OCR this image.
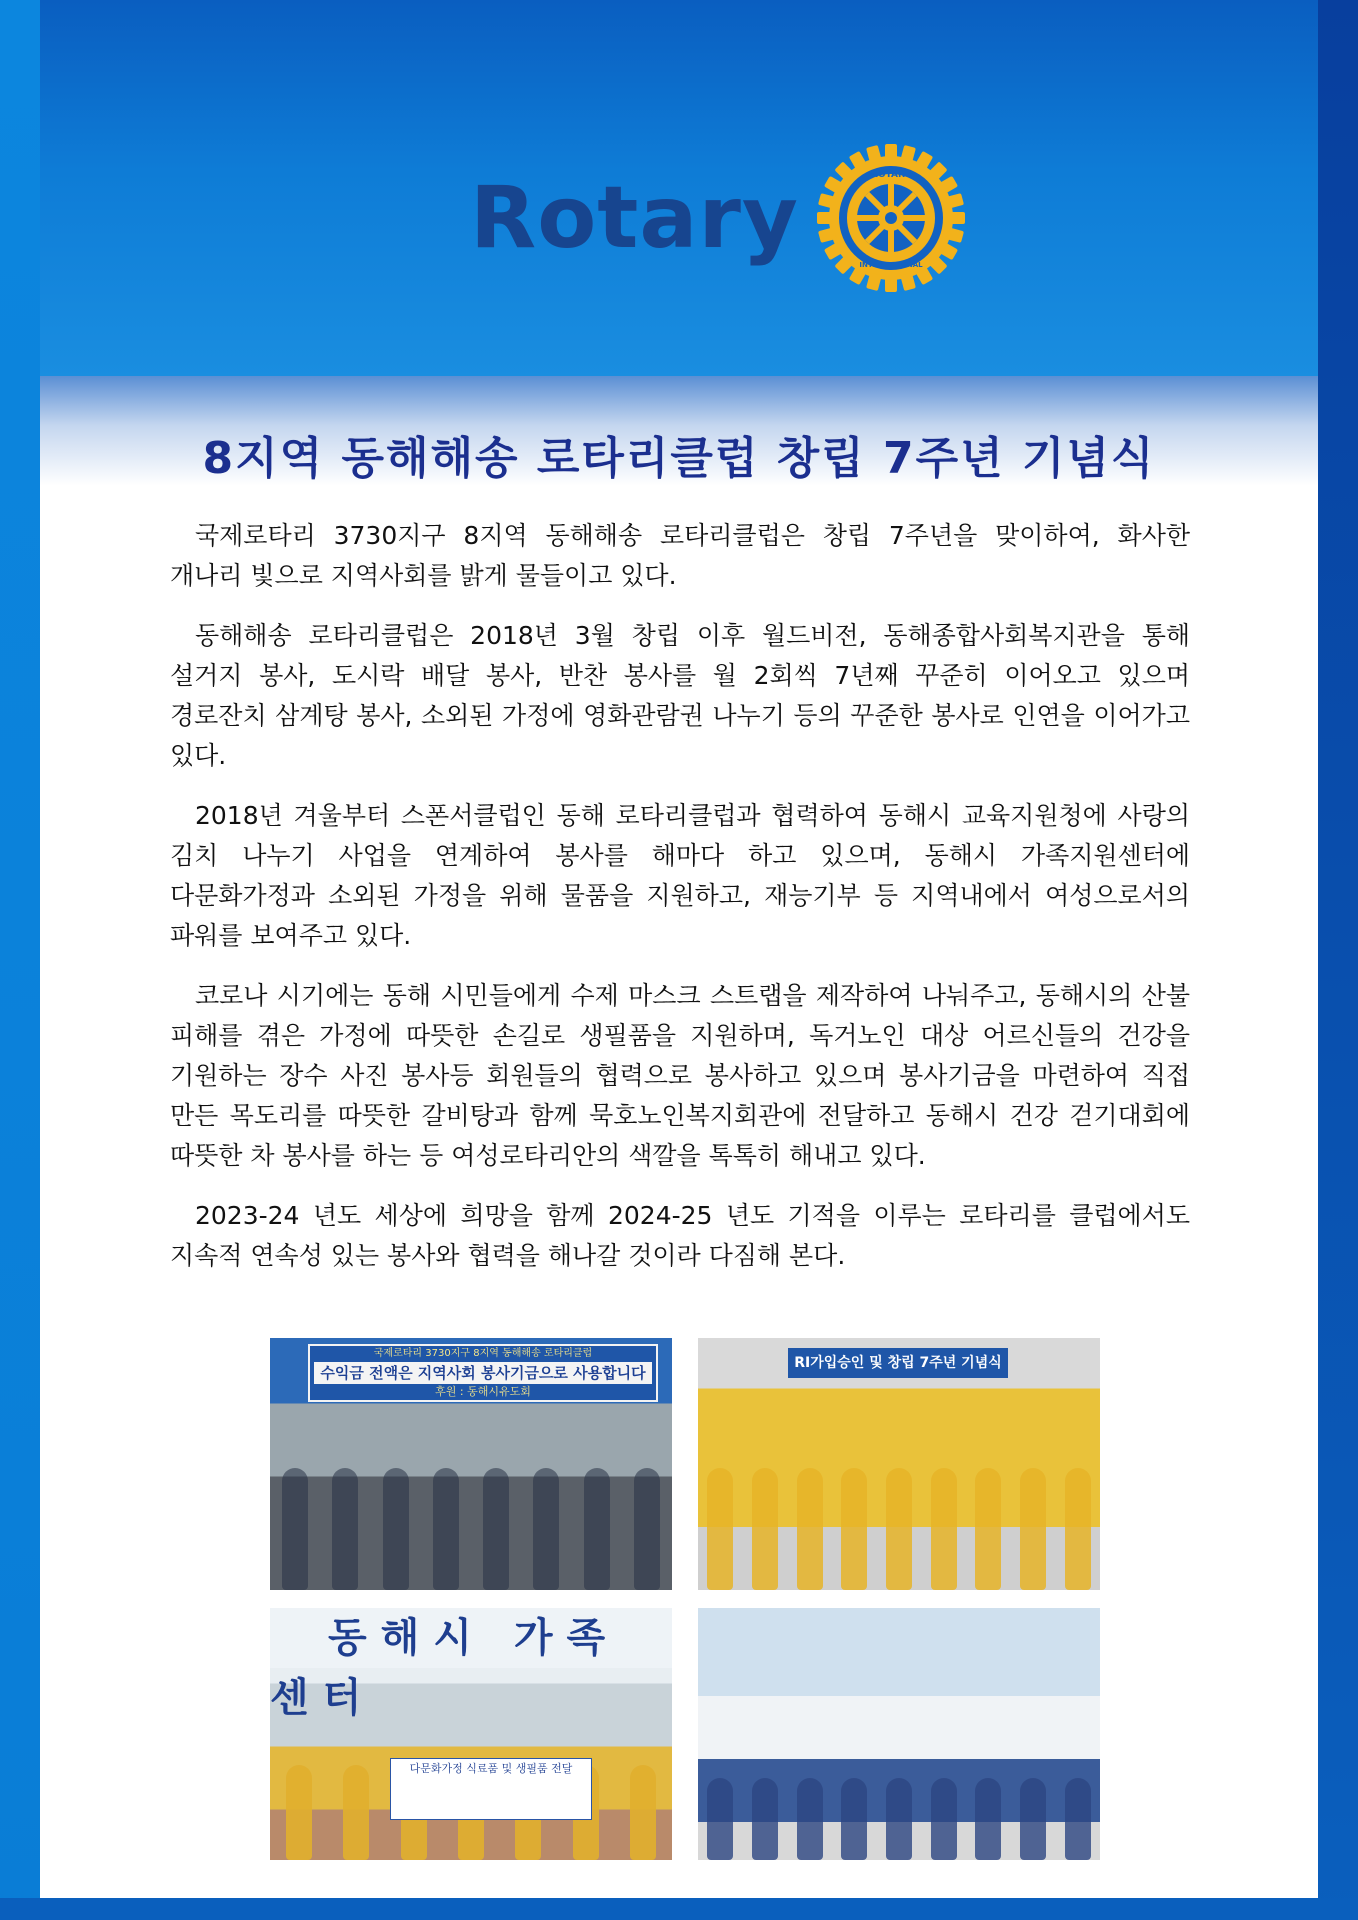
Rotary	ROTARY
INTERNATIONAL
8지역 동해해송 로타리클럽 창립 7주년 기념식

국제로타리 3730지구 8지역 동해해송 로타리클럽은 창립 7주년을 맞이하여, 화사한 개나리 빛으로 지역사회를 밝게 물들이고 있다.

동해해송 로타리클럽은 2018년 3월 창립 이후 월드비전, 동해종합사회복지관을 통해 설거지 봉사, 도시락 배달 봉사, 반찬 봉사를 월 2회씩 7년째 꾸준히 이어오고 있으며 경로잔치 삼계탕 봉사, 소외된 가정에 영화관람권 나누기 등의 꾸준한 봉사로 인연을 이어가고 있다.

2018년 겨울부터 스폰서클럽인 동해 로타리클럽과 협력하여 동해시 교육지원청에 사랑의 김치 나누기 사업을 연계하여 봉사를 해마다 하고 있으며, 동해시 가족지원센터에 다문화가정과 소외된 가정을 위해 물품을 지원하고, 재능기부 등 지역내에서 여성으로서의 파워를 보여주고 있다.

코로나 시기에는 동해 시민들에게 수제 마스크 스트랩을 제작하여 나눠주고, 동해시의 산불 피해를 겪은 가정에 따뜻한 손길로 생필품을 지원하며, 독거노인 대상 어르신들의 건강을 기원하는 장수 사진 봉사등 회원들의 협력으로 봉사하고 있으며 봉사기금을 마련하여 직접 만든 목도리를 따뜻한 갈비탕과 함께 묵호노인복지회관에 전달하고 동해시 건강 걷기대회에 따뜻한 차 봉사를 하는 등 여성로타리안의 색깔을 톡톡히 해내고 있다.

2023-24 년도 세상에 희망을 함께 2024-25 년도 기적을 이루는 로타리를 클럽에서도 지속적 연속성 있는 봉사와 협력을 해나갈 것이라 다짐해 본다.

국제로타리 3730지구 8지역 동해해송 로타리클럽
수익금 전액은 지역사회 봉사기금으로 사용합니다
후원 : 동해시유도회
RI가입승인 및 창립 7주년 기념식
동해시 가족 센터
다문화가정 식료품 및 생필품 전달
